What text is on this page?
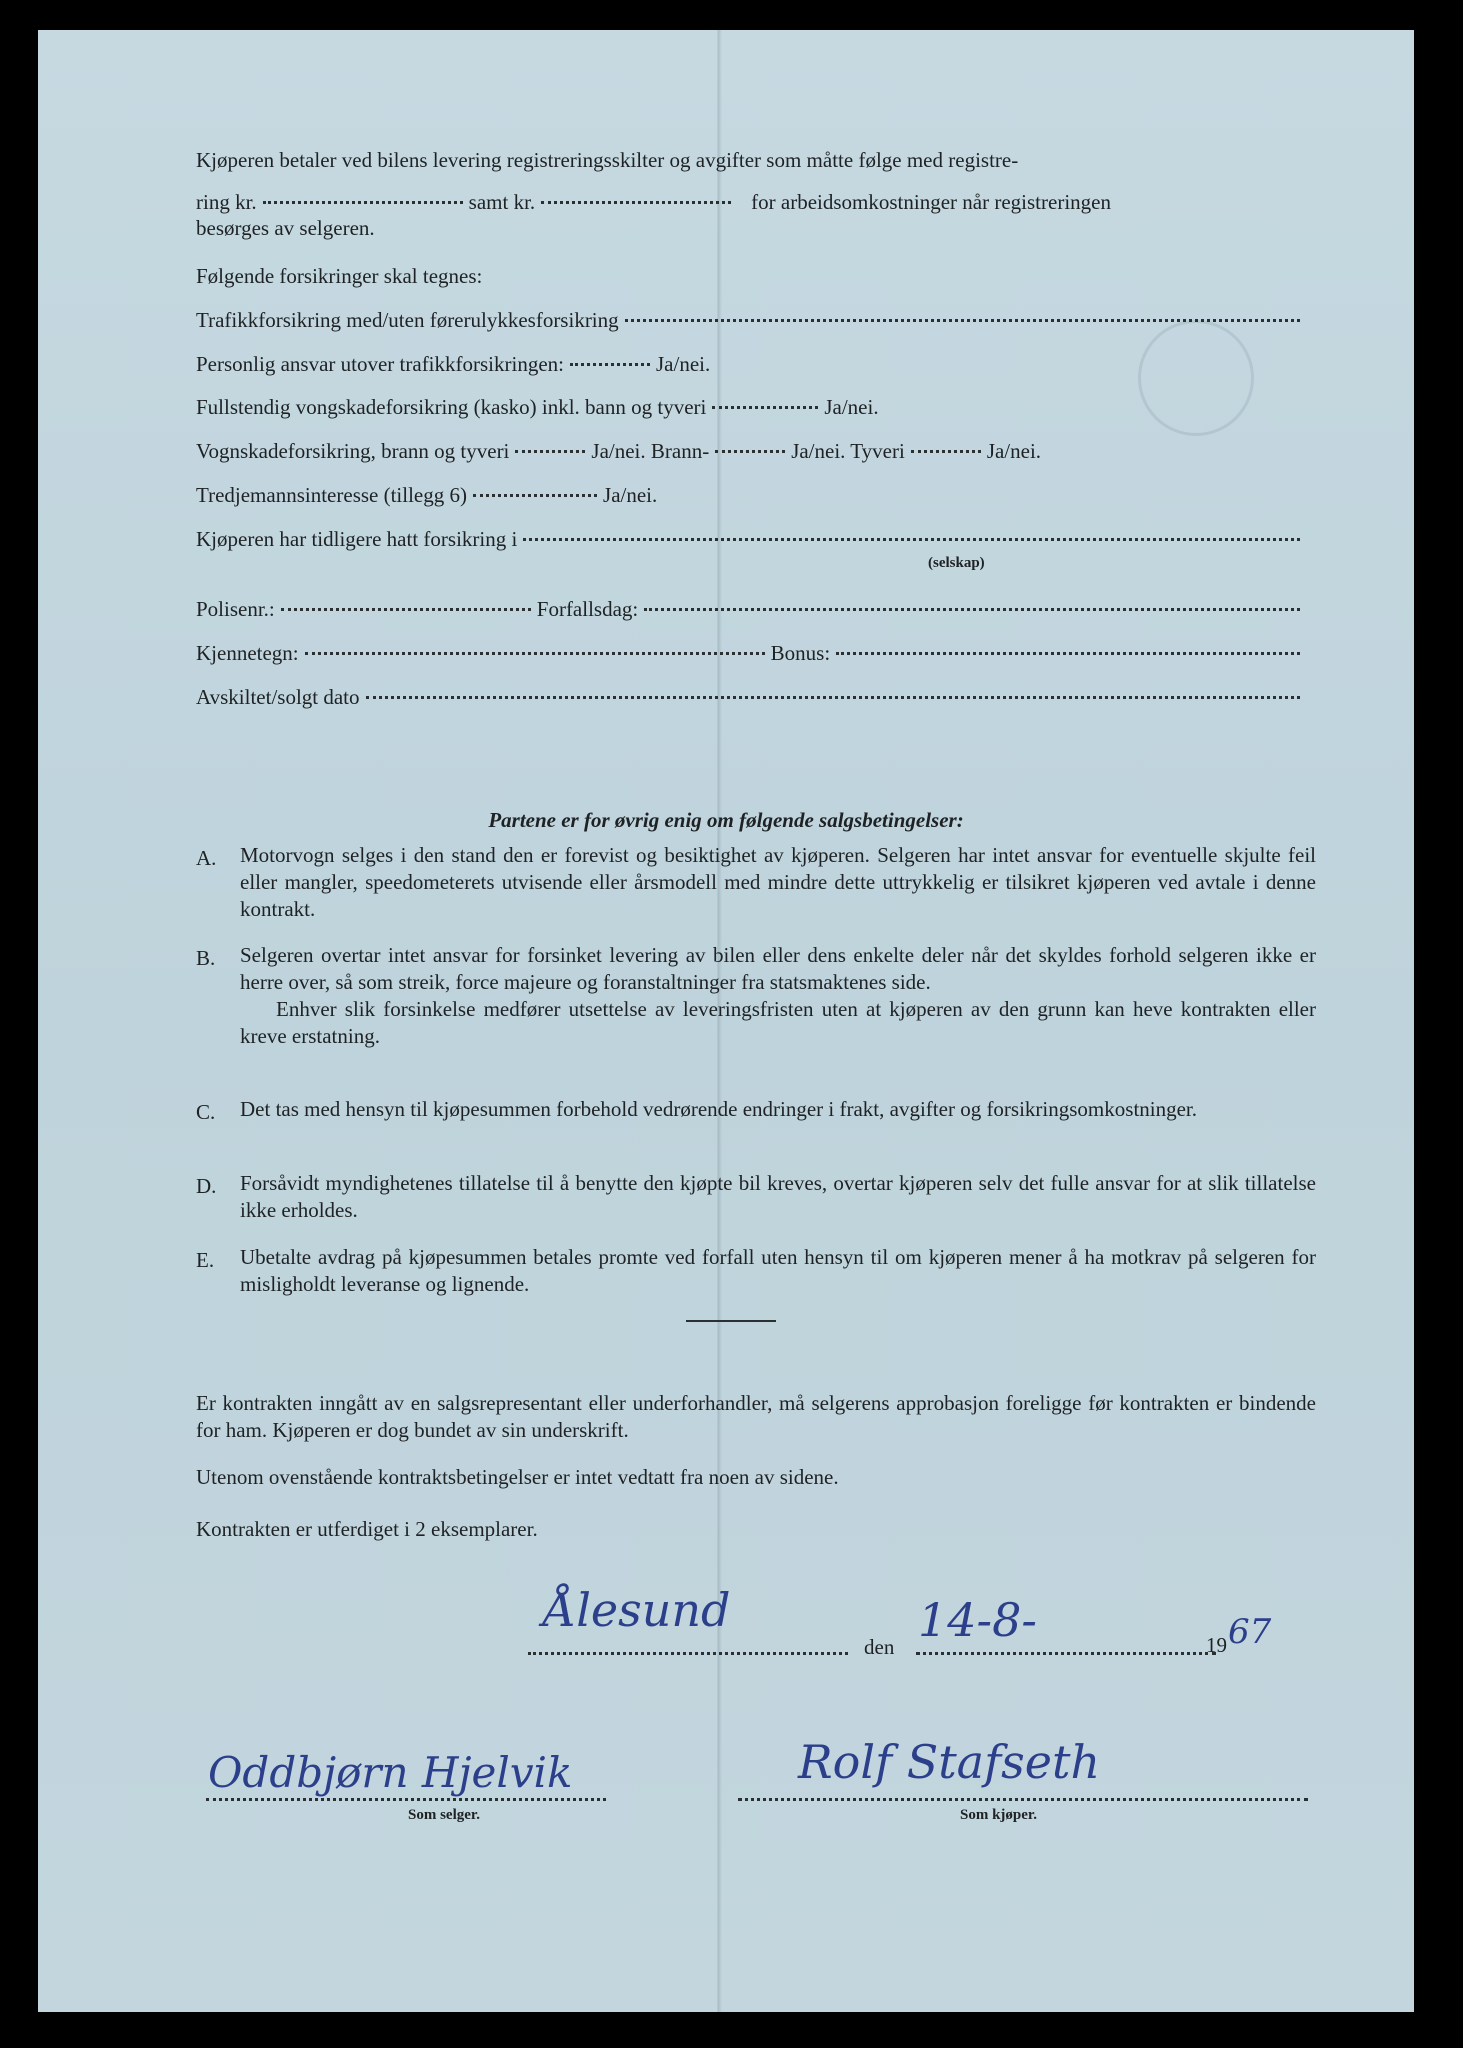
Kjøperen betaler ved bilens levering registreringsskilter og avgifter som måtte følge med registre-
ring kr.	samt kr.	for arbeidsomkostninger når registreringen
besørges av selgeren.
Følgende forsikringer skal tegnes:
Trafikkforsikring med/uten førerulykkesforsikring
Personlig ansvar utover trafikkforsikringen:	Ja/nei.
Fullstendig vongskadeforsikring (kasko) inkl. bann og tyveri	Ja/nei.
Vognskadeforsikring, brann og tyveri	Ja/nei. Brann-	Ja/nei. Tyveri	Ja/nei.
Tredjemannsinteresse (tillegg 6)	Ja/nei.
Kjøperen har tidligere hatt forsikring i
(selskap)
Polisenr.:	Forfallsdag:
Kjennetegn:	Bonus:
Avskiltet/solgt dato
Partene er for øvrig enig om følgende salgsbetingelser:
A.	Motorvogn selges i den stand den er forevist og besiktighet av kjøperen. Selgeren har intet ansvar for eventuelle skjulte feil eller mangler, speedometerets utvisende eller årsmodell med mindre dette uttrykkelig er tilsikret kjøperen ved avtale i denne kontrakt.
B.	Selgeren overtar intet ansvar for forsinket levering av bilen eller dens enkelte deler når det skyldes forhold selgeren ikke er herre over, så som streik, force majeure og foranstaltninger fra statsmaktenes side.
Enhver slik forsinkelse medfører utsettelse av leveringsfristen uten at kjøperen av den grunn kan heve kontrakten eller kreve erstatning.
C.	Det tas med hensyn til kjøpesummen forbehold vedrørende endringer i frakt, avgifter og forsikringsomkostninger.
D.	Forsåvidt myndighetenes tillatelse til å benytte den kjøpte bil kreves, overtar kjøperen selv det fulle ansvar for at slik tillatelse ikke erholdes.
E.	Ubetalte avdrag på kjøpesummen betales promte ved forfall uten hensyn til om kjøperen mener å ha motkrav på selgeren for misligholdt leveranse og lignende.
Er kontrakten inngått av en salgsrepresentant eller underforhandler, må selgerens approbasjon foreligge før kontrakten er bindende for ham. Kjøperen er dog bundet av sin underskrift.
Utenom ovenstående kontraktsbetingelser er intet vedtatt fra noen av sidene.
Kontrakten er utferdiget i 2 eksemplarer.
Ålesund
den 14-8-	19 67
Oddbjørn Hjelvik
Som selger.
Rolf Stafseth
Som kjøper.
